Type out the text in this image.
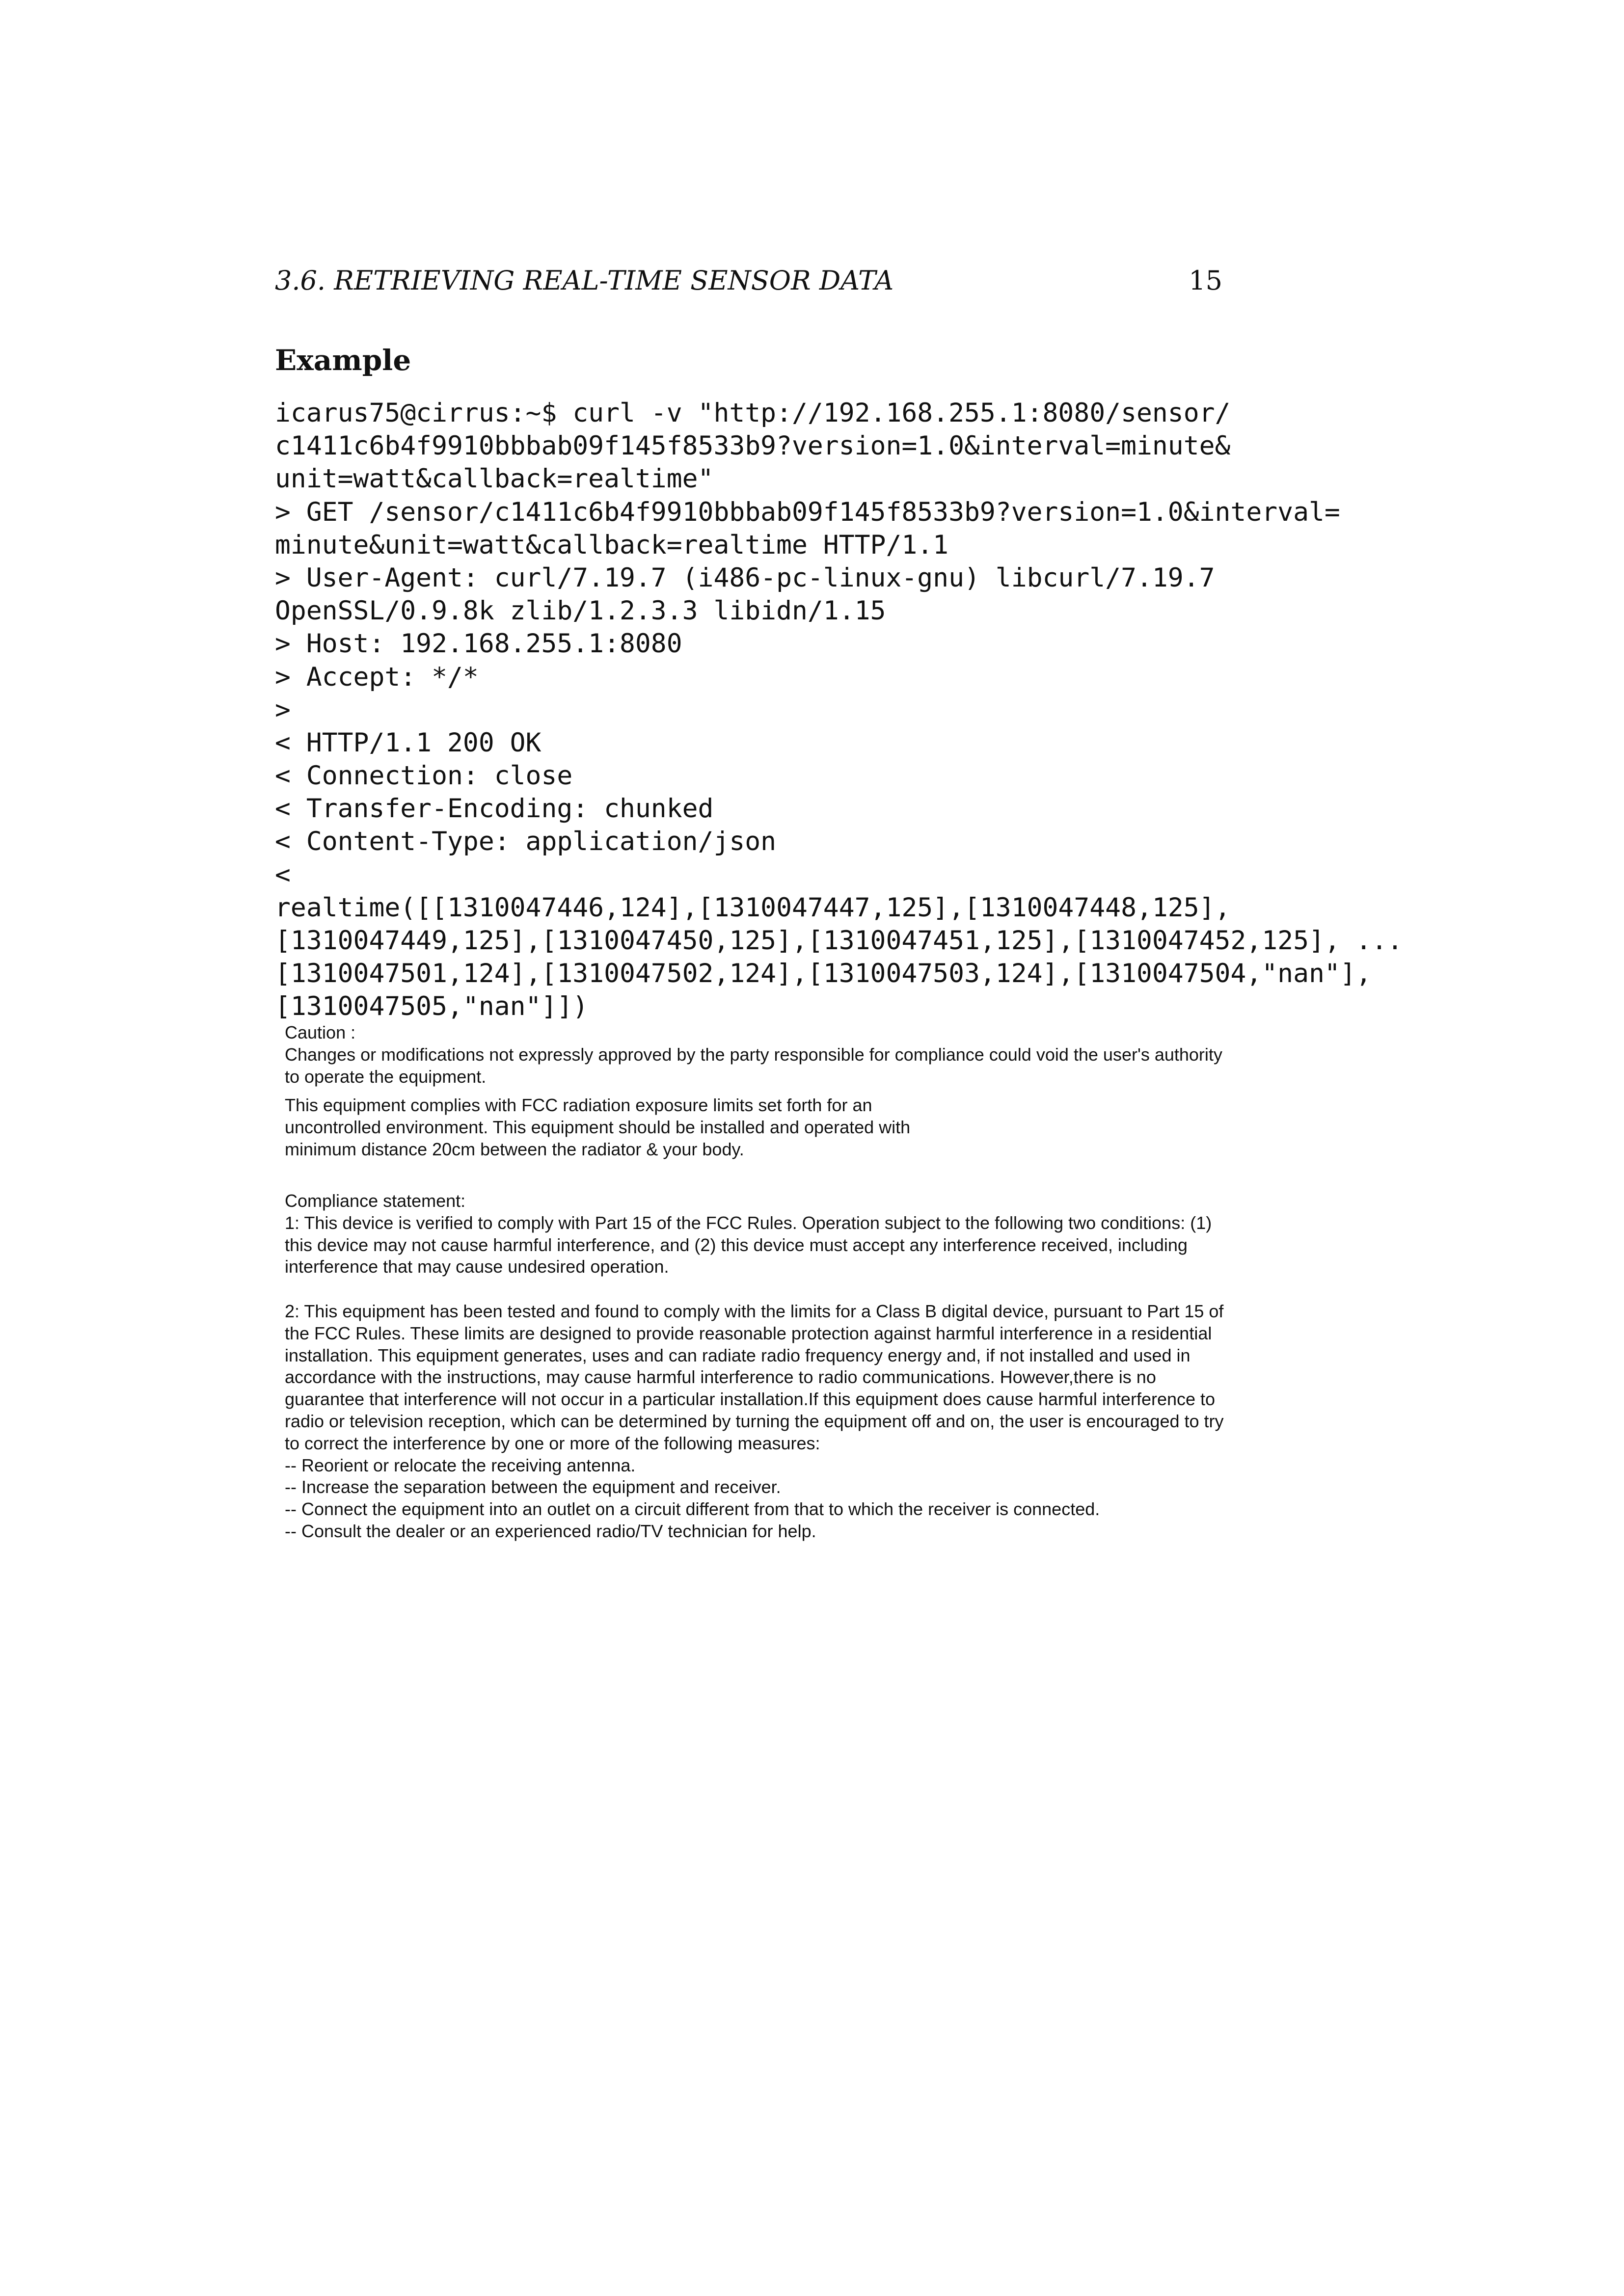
3.6. RETRIEVING REAL-TIME SENSOR DATA	15
Example
icarus75@cirrus:~$ curl -v "http://192.168.255.1:8080/sensor/
c1411c6b4f9910bbbab09f145f8533b9?version=1.0&interval=minute&
unit=watt&callback=realtime"
> GET /sensor/c1411c6b4f9910bbbab09f145f8533b9?version=1.0&interval=
minute&unit=watt&callback=realtime HTTP/1.1
> User-Agent: curl/7.19.7 (i486-pc-linux-gnu) libcurl/7.19.7
OpenSSL/0.9.8k zlib/1.2.3.3 libidn/1.15
> Host: 192.168.255.1:8080
> Accept: */*
>
< HTTP/1.1 200 OK
< Connection: close
< Transfer-Encoding: chunked
< Content-Type: application/json
<
realtime([[1310047446,124],[1310047447,125],[1310047448,125],
[1310047449,125],[1310047450,125],[1310047451,125],[1310047452,125], ...
[1310047501,124],[1310047502,124],[1310047503,124],[1310047504,"nan"],
[1310047505,"nan"]])
Caution :
Changes or modifications not expressly approved by the party responsible for compliance could void the user's authority
to operate the equipment.
This equipment complies with FCC radiation exposure limits set forth for an
uncontrolled environment. This equipment should be installed and operated with
minimum distance 20cm between the radiator & your body.
Compliance statement:
1: This device is verified to comply with Part 15 of the FCC Rules. Operation subject to the following two conditions: (1)
this device may not cause harmful interference, and (2) this device must accept any interference received, including
interference that may cause undesired operation.
2: This equipment has been tested and found to comply with the limits for a Class B digital device, pursuant to Part 15 of
the FCC Rules. These limits are designed to provide reasonable protection against harmful interference in a residential
installation. This equipment generates, uses and can radiate radio frequency energy and, if not installed and used in
accordance with the instructions, may cause harmful interference to radio communications. However,there is no
guarantee that interference will not occur in a particular installation.If this equipment does cause harmful interference to
radio or television reception, which can be determined by turning the equipment off and on, the user is encouraged to try
to correct the interference by one or more of the following measures:
-- Reorient or relocate the receiving antenna.
-- Increase the separation between the equipment and receiver.
-- Connect the equipment into an outlet on a circuit different from that to which the receiver is connected.
-- Consult the dealer or an experienced radio/TV technician for help.
